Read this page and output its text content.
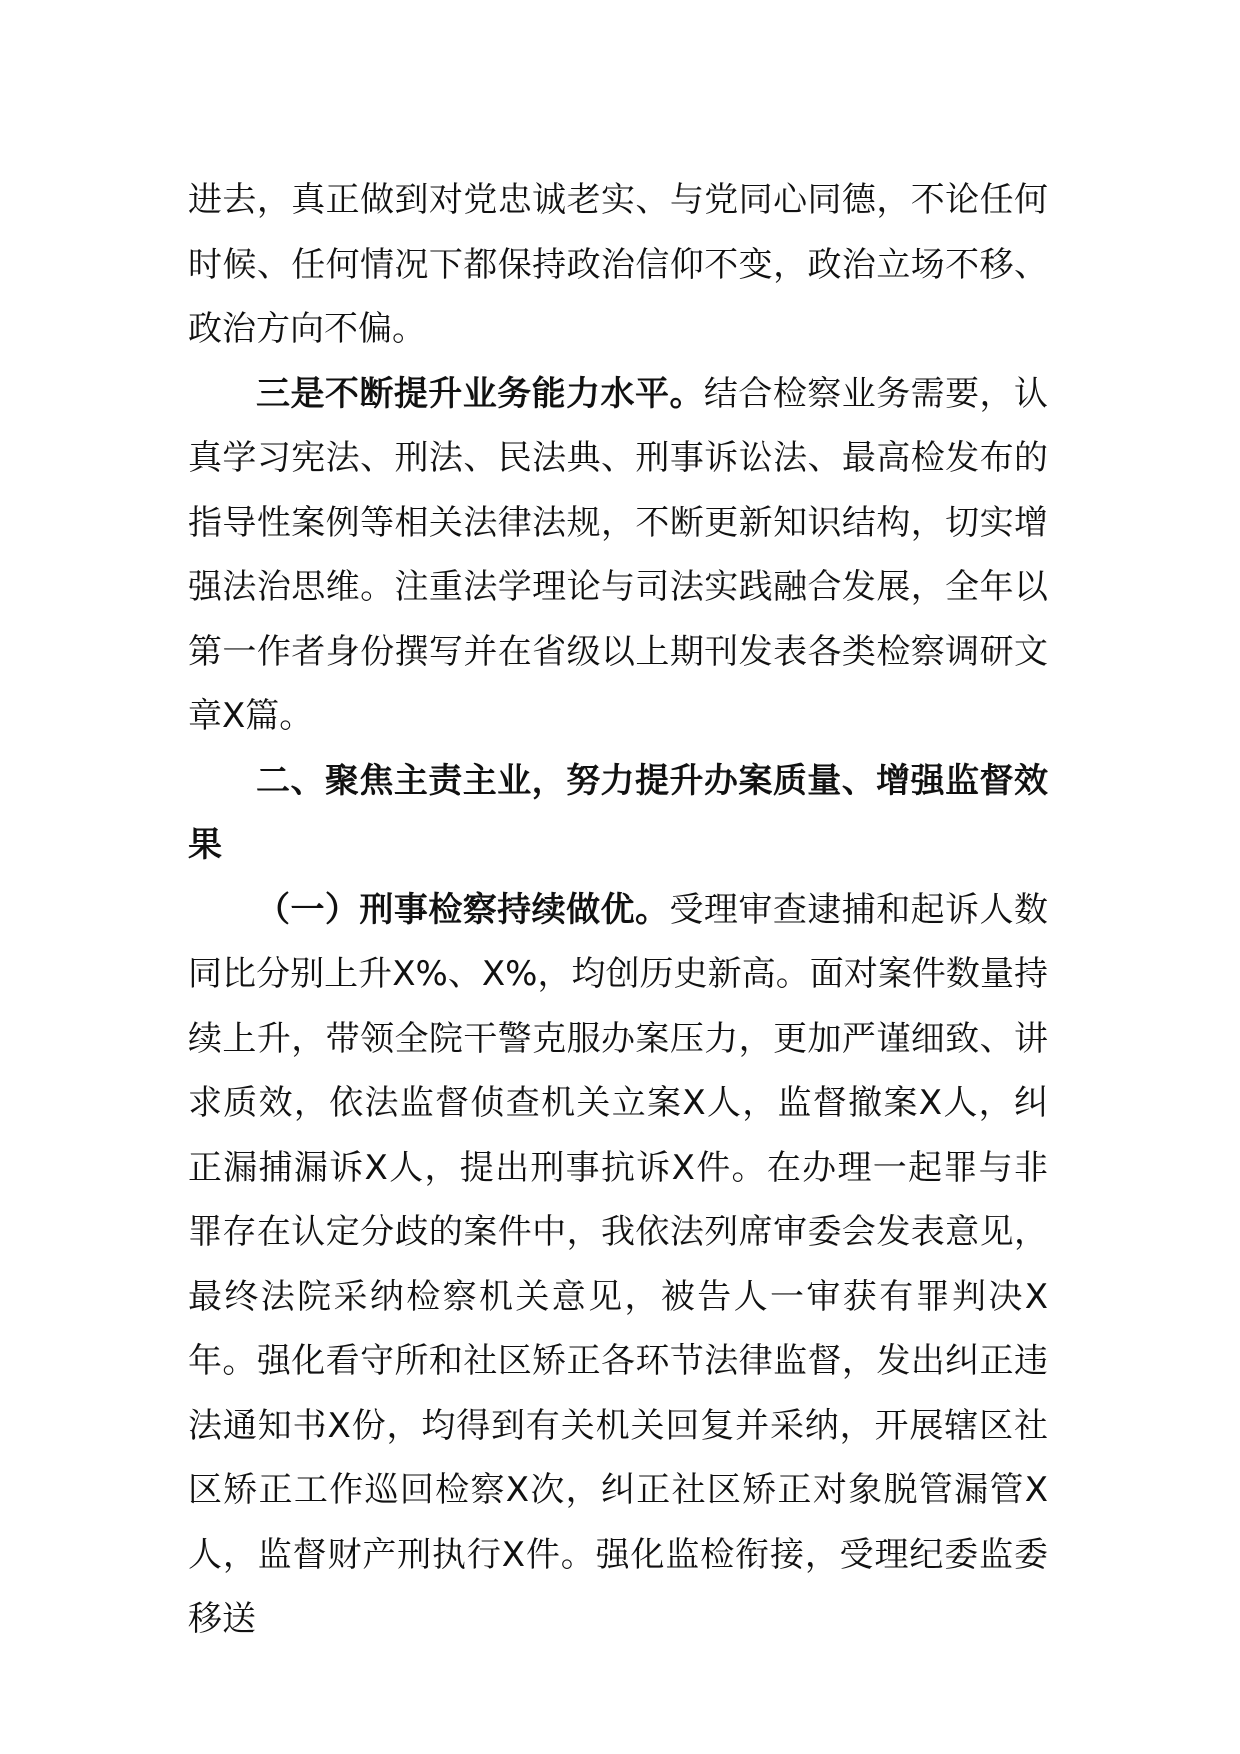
进去，真正做到对党忠诚老实、与党同心同德，不论任何时候、任何情况下都保持政治信仰不变，政治立场不移、政治方向不偏。

三是不断提升业务能力水平。结合检察业务需要，认真学习宪法、刑法、民法典、刑事诉讼法、最高检发布的指导性案例等相关法律法规，不断更新知识结构，切实增强法治思维。注重法学理论与司法实践融合发展，全年以第一作者身份撰写并在省级以上期刊发表各类检察调研文章X篇。

二、聚焦主责主业，努力提升办案质量、增强监督效果

（一）刑事检察持续做优。受理审查逮捕和起诉人数同比分别上升X%、X%，均创历史新高。面对案件数量持续上升，带领全院干警克服办案压力，更加严谨细致、讲求质效，依法监督侦查机关立案X人，监督撤案X人，纠正漏捕漏诉X人，提出刑事抗诉X件。在办理一起罪与非罪存在认定分歧的案件中，我依法列席审委会发表意见，最终法院采纳检察机关意见，被告人一审获有罪判决X年。强化看守所和社区矫正各环节法律监督，发出纠正违法通知书X份，均得到有关机关回复并采纳，开展辖区社区矫正工作巡回检察X次，纠正社区矫正对象脱管漏管X人，监督财产刑执行X件。强化监检衔接，受理纪委监委移送
